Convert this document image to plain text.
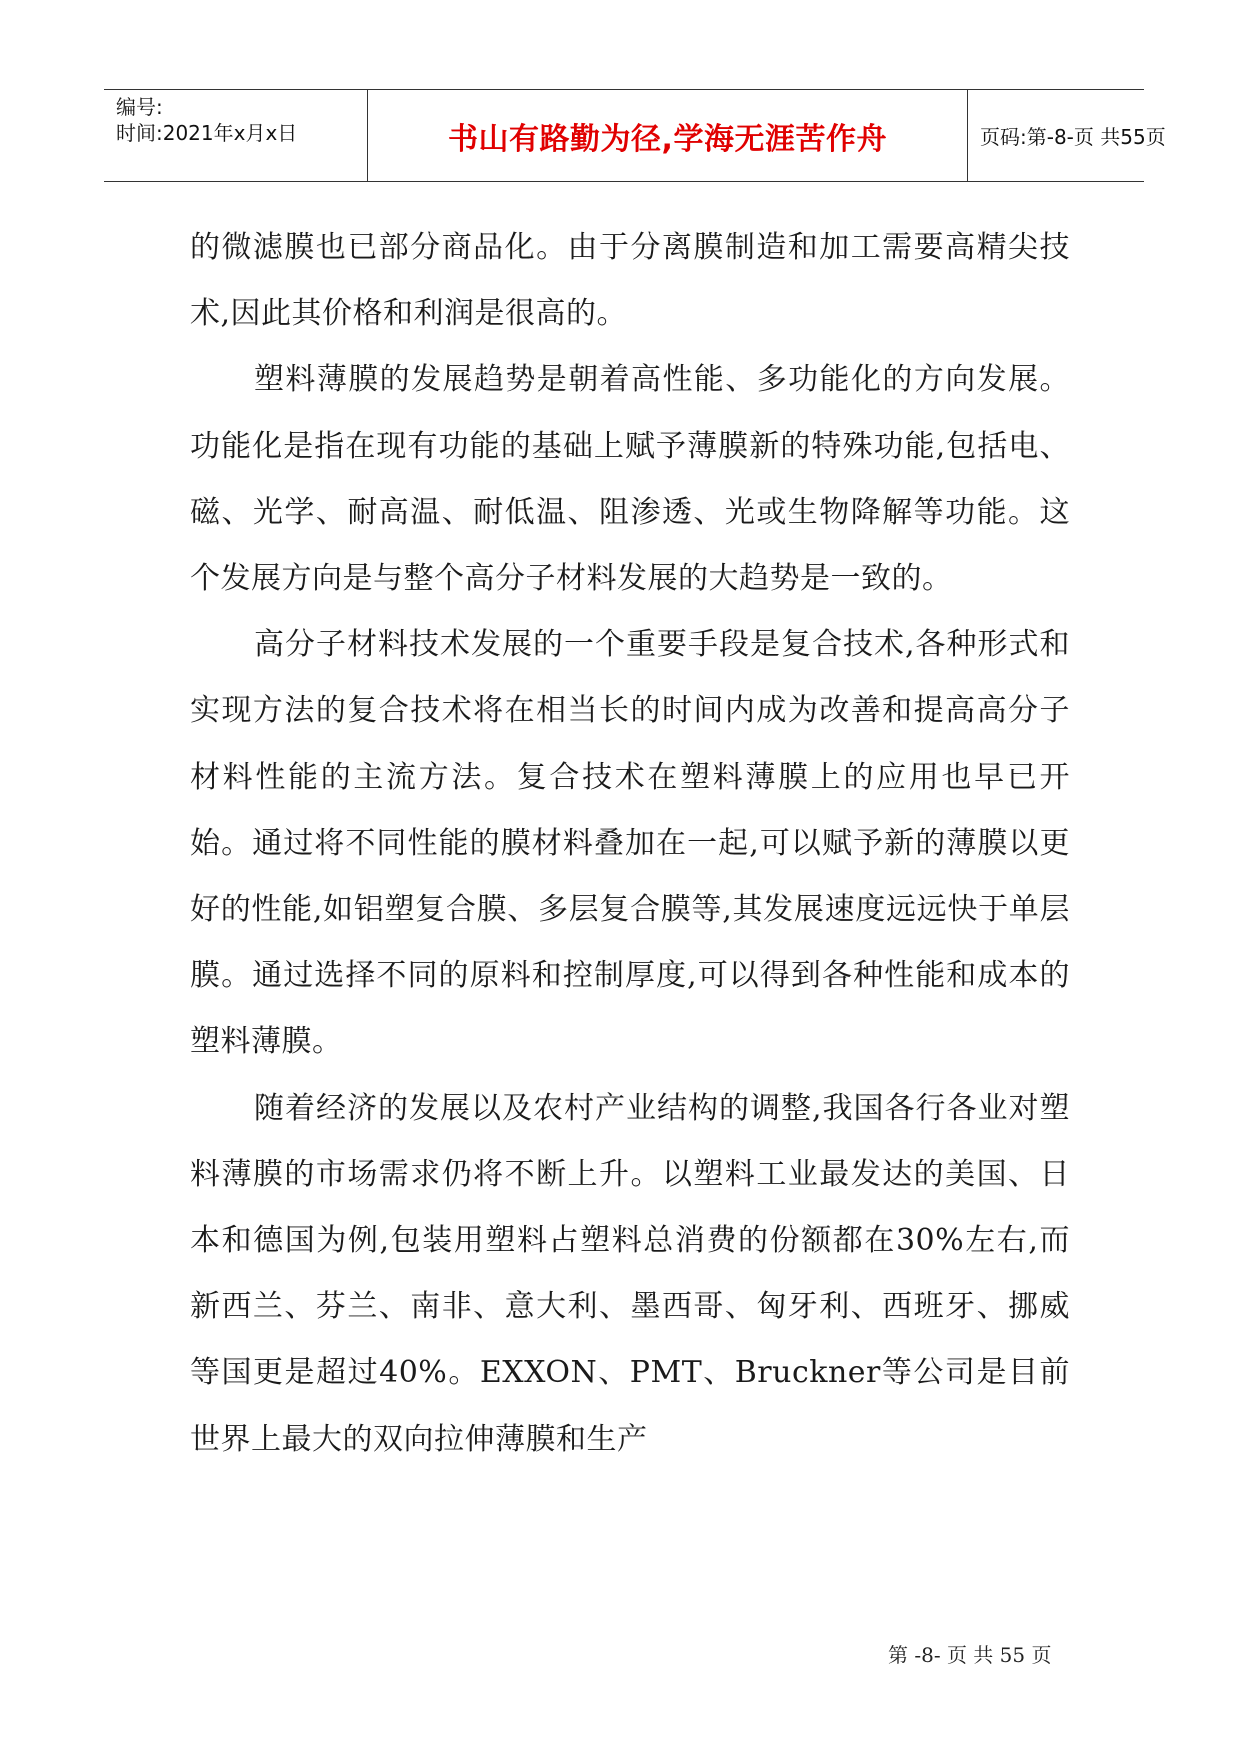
编号:
时间:2021年x月x日	书山有路勤为径,学海无涯苦作舟	页码:第-8-页 共55页

的微滤膜也已部分商品化。由于分离膜制造和加工需要高精尖技术,因此其价格和利润是很高的。

塑料薄膜的发展趋势是朝着高性能、多功能化的方向发展。功能化是指在现有功能的基础上赋予薄膜新的特殊功能,包括电、磁、光学、耐高温、耐低温、阻渗透、光或生物降解等功能。这个发展方向是与整个高分子材料发展的大趋势是一致的。

高分子材料技术发展的一个重要手段是复合技术,各种形式和实现方法的复合技术将在相当长的时间内成为改善和提高高分子材料性能的主流方法。复合技术在塑料薄膜上的应用也早已开始。通过将不同性能的膜材料叠加在一起,可以赋予新的薄膜以更好的性能,如铝塑复合膜、多层复合膜等,其发展速度远远快于单层膜。通过选择不同的原料和控制厚度,可以得到各种性能和成本的塑料薄膜。

随着经济的发展以及农村产业结构的调整,我国各行各业对塑料薄膜的市场需求仍将不断上升。以塑料工业最发达的美国、日本和德国为例,包装用塑料占塑料总消费的份额都在30%左右,而新西兰、芬兰、南非、意大利、墨西哥、匈牙利、西班牙、挪威等国更是超过40%。EXXON、PMT、Bruckner等公司是目前世界上最大的双向拉伸薄膜和生产

第 -8- 页 共 55 页
